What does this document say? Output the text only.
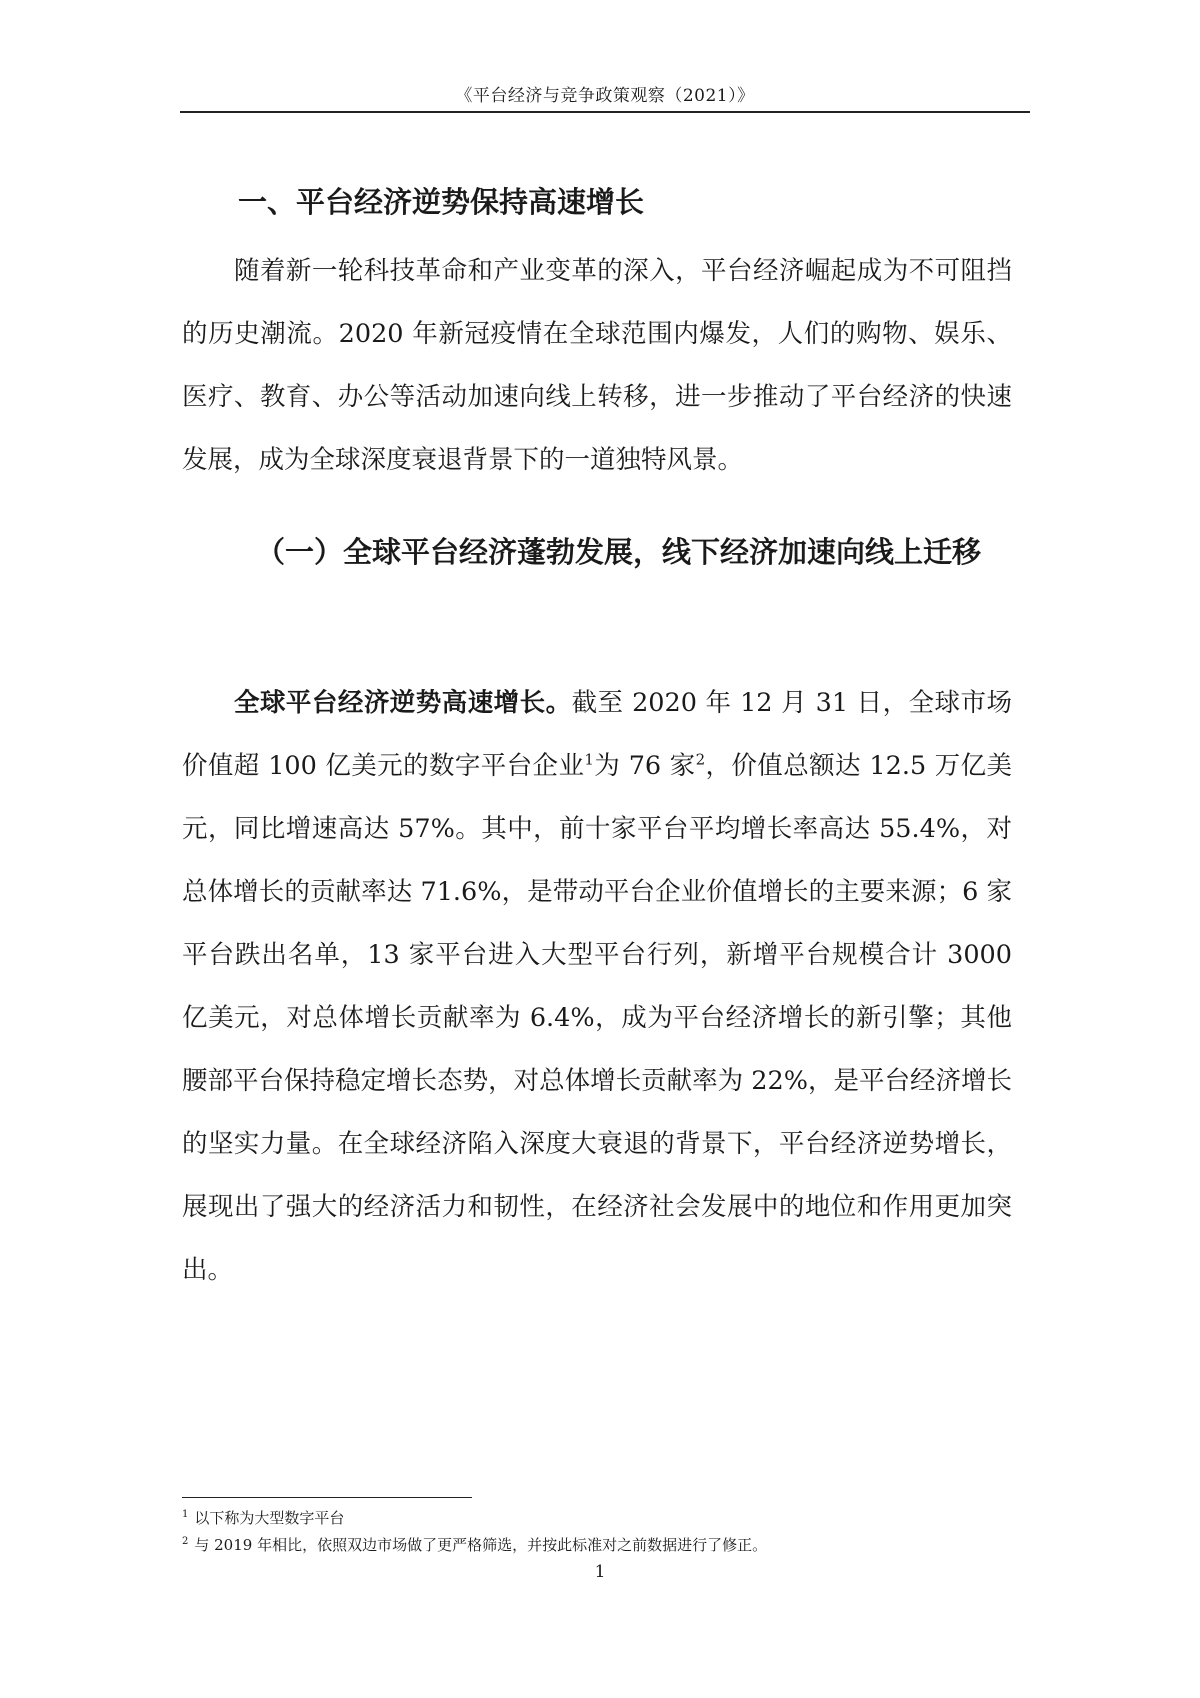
《平台经济与竞争政策观察（2021）》
一、平台经济逆势保持高速增长

随着新一轮科技革命和产业变革的深入，平台经济崛起成为不可阻挡的历史潮流。2020 年新冠疫情在全球范围内爆发，人们的购物、娱乐、医疗、教育、办公等活动加速向线上转移，进一步推动了平台经济的快速发展，成为全球深度衰退背景下的一道独特风景。

（一）全球平台经济蓬勃发展，线下经济加速向线上迁移

全球平台经济逆势高速增长。截至 2020 年 12 月 31 日，全球市场价值超 100 亿美元的数字平台企业$^1$为 76 家$^2$，价值总额达 12.5 万亿美元，同比增速高达 57%。其中，前十家平台平均增长率高达 55.4%，对总体增长的贡献率达 71.6%，是带动平台企业价值增长的主要来源；6 家平台跌出名单，13 家平台进入大型平台行列，新增平台规模合计 3000 亿美元，对总体增长贡献率为 6.4%，成为平台经济增长的新引擎；其他腰部平台保持稳定增长态势，对总体增长贡献率为 22%，是平台经济增长的坚实力量。在全球经济陷入深度大衰退的背景下，平台经济逆势增长，展现出了强大的经济活力和韧性，在经济社会发展中的地位和作用更加突出。

$^1$ 以下称为大型数字平台
$^2$ 与 2019 年相比，依照双边市场做了更严格筛选，并按此标准对之前数据进行了修正。
1
